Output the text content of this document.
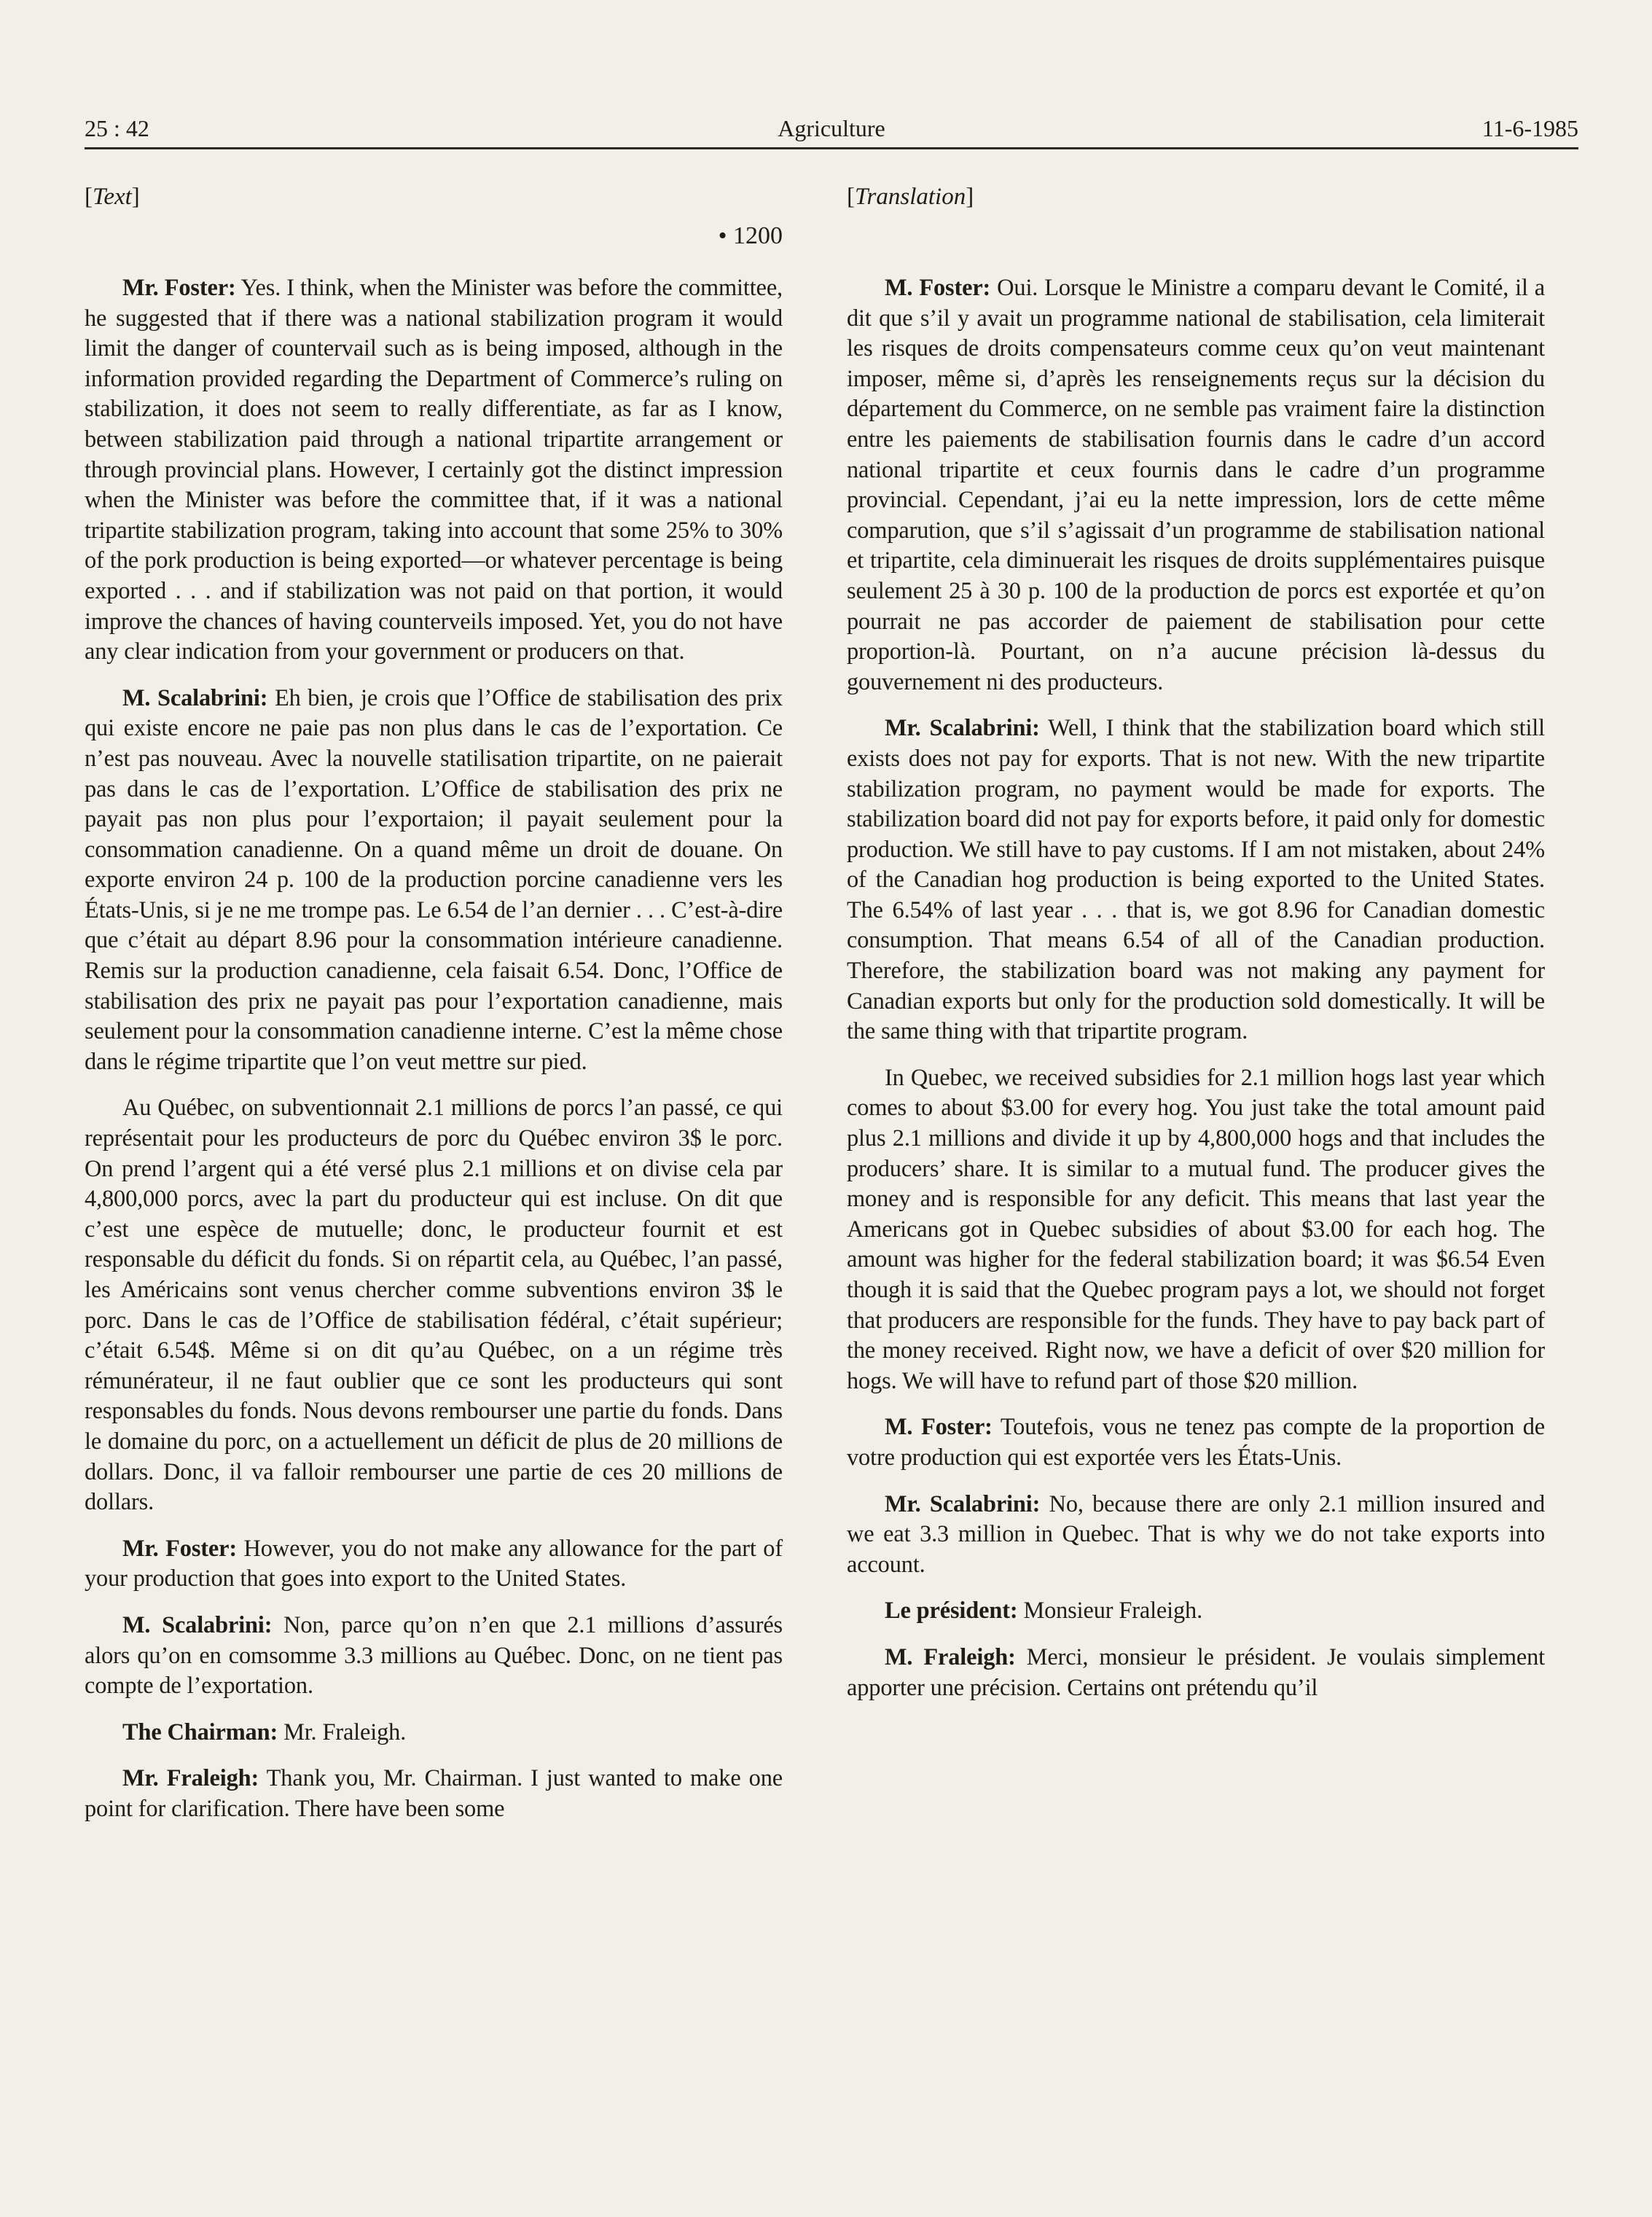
25 : 42	Agriculture	11-6-1985
[Text]
• 1200

Mr. Foster: Yes. I think, when the Minister was before the committee, he suggested that if there was a national stabilization program it would limit the danger of countervail such as is being imposed, although in the information provided regarding the Department of Commerce’s ruling on stabilization, it does not seem to really differentiate, as far as I know, between stabilization paid through a national tripartite arrangement or through provincial plans. However, I certainly got the distinct impression when the Minister was before the committee that, if it was a national tripartite stabilization program, taking into account that some 25% to 30% of the pork production is being exported—or whatever percentage is being exported . . . and if stabilization was not paid on that portion, it would improve the chances of having counterveils imposed. Yet, you do not have any clear indication from your government or producers on that.

M. Scalabrini: Eh bien, je crois que l’Office de stabilisation des prix qui existe encore ne paie pas non plus dans le cas de l’exportation. Ce n’est pas nouveau. Avec la nouvelle statilisation tripartite, on ne paierait pas dans le cas de l’exportation. L’Office de stabilisation des prix ne payait pas non plus pour l’exportaion; il payait seulement pour la consommation canadienne. On a quand même un droit de douane. On exporte environ 24 p. 100 de la production porcine canadienne vers les États-Unis, si je ne me trompe pas. Le 6.54 de l’an dernier . . . C’est-à-dire que c’était au départ 8.96 pour la consommation intérieure canadienne. Remis sur la production canadienne, cela faisait 6.54. Donc, l’Office de stabilisation des prix ne payait pas pour l’exportation canadienne, mais seulement pour la consommation canadienne interne. C’est la même chose dans le régime tripartite que l’on veut mettre sur pied.

Au Québec, on subventionnait 2.1 millions de porcs l’an passé, ce qui représentait pour les producteurs de porc du Québec environ 3$ le porc. On prend l’argent qui a été versé plus 2.1 millions et on divise cela par 4,800,000 porcs, avec la part du producteur qui est incluse. On dit que c’est une espèce de mutuelle; donc, le producteur fournit et est responsable du déficit du fonds. Si on répartit cela, au Québec, l’an passé, les Américains sont venus chercher comme subventions environ 3$ le porc. Dans le cas de l’Office de stabilisation fédéral, c’était supérieur; c’était 6.54$. Même si on dit qu’au Québec, on a un régime très rémunérateur, il ne faut oublier que ce sont les producteurs qui sont responsables du fonds. Nous devons rembourser une partie du fonds. Dans le domaine du porc, on a actuellement un déficit de plus de 20 millions de dollars. Donc, il va falloir rembourser une partie de ces 20 millions de dollars.

Mr. Foster: However, you do not make any allowance for the part of your production that goes into export to the United States.

M. Scalabrini: Non, parce qu’on n’en que 2.1 millions d’assurés alors qu’on en comsomme 3.3 millions au Québec. Donc, on ne tient pas compte de l’exportation.

The Chairman: Mr. Fraleigh.

Mr. Fraleigh: Thank you, Mr. Chairman. I just wanted to make one point for clarification. There have been some

[Translation]

M. Foster: Oui. Lorsque le Ministre a comparu devant le Comité, il a dit que s’il y avait un programme national de stabilisation, cela limiterait les risques de droits compensateurs comme ceux qu’on veut maintenant imposer, même si, d’après les renseignements reçus sur la décision du département du Commerce, on ne semble pas vraiment faire la distinction entre les paiements de stabilisation fournis dans le cadre d’un accord national tripartite et ceux fournis dans le cadre d’un programme provincial. Cependant, j’ai eu la nette impression, lors de cette même comparution, que s’il s’agissait d’un programme de stabilisation national et tripartite, cela diminuerait les risques de droits supplémentaires puisque seulement 25 à 30 p. 100 de la production de porcs est exportée et qu’on pourrait ne pas accorder de paiement de stabilisation pour cette proportion-là. Pourtant, on n’a aucune précision là-dessus du gouvernement ni des producteurs.

Mr. Scalabrini: Well, I think that the stabilization board which still exists does not pay for exports. That is not new. With the new tripartite stabilization program, no payment would be made for exports. The stabilization board did not pay for exports before, it paid only for domestic production. We still have to pay customs. If I am not mistaken, about 24% of the Canadian hog production is being exported to the United States. The 6.54% of last year . . . that is, we got 8.96 for Canadian domestic consumption. That means 6.54 of all of the Canadian production. Therefore, the stabilization board was not making any payment for Canadian exports but only for the production sold domestically. It will be the same thing with that tripartite program.

In Quebec, we received subsidies for 2.1 million hogs last year which comes to about $3.00 for every hog. You just take the total amount paid plus 2.1 millions and divide it up by 4,800,000 hogs and that includes the producers’ share. It is similar to a mutual fund. The producer gives the money and is responsible for any deficit. This means that last year the Americans got in Quebec subsidies of about $3.00 for each hog. The amount was higher for the federal stabilization board; it was $6.54 Even though it is said that the Quebec program pays a lot, we should not forget that producers are responsible for the funds. They have to pay back part of the money received. Right now, we have a deficit of over $20 million for hogs. We will have to refund part of those $20 million.

M. Foster: Toutefois, vous ne tenez pas compte de la proportion de votre production qui est exportée vers les États-Unis.

Mr. Scalabrini: No, because there are only 2.1 million insured and we eat 3.3 million in Quebec. That is why we do not take exports into account.

Le président: Monsieur Fraleigh.

M. Fraleigh: Merci, monsieur le président. Je voulais simplement apporter une précision. Certains ont prétendu qu’il
